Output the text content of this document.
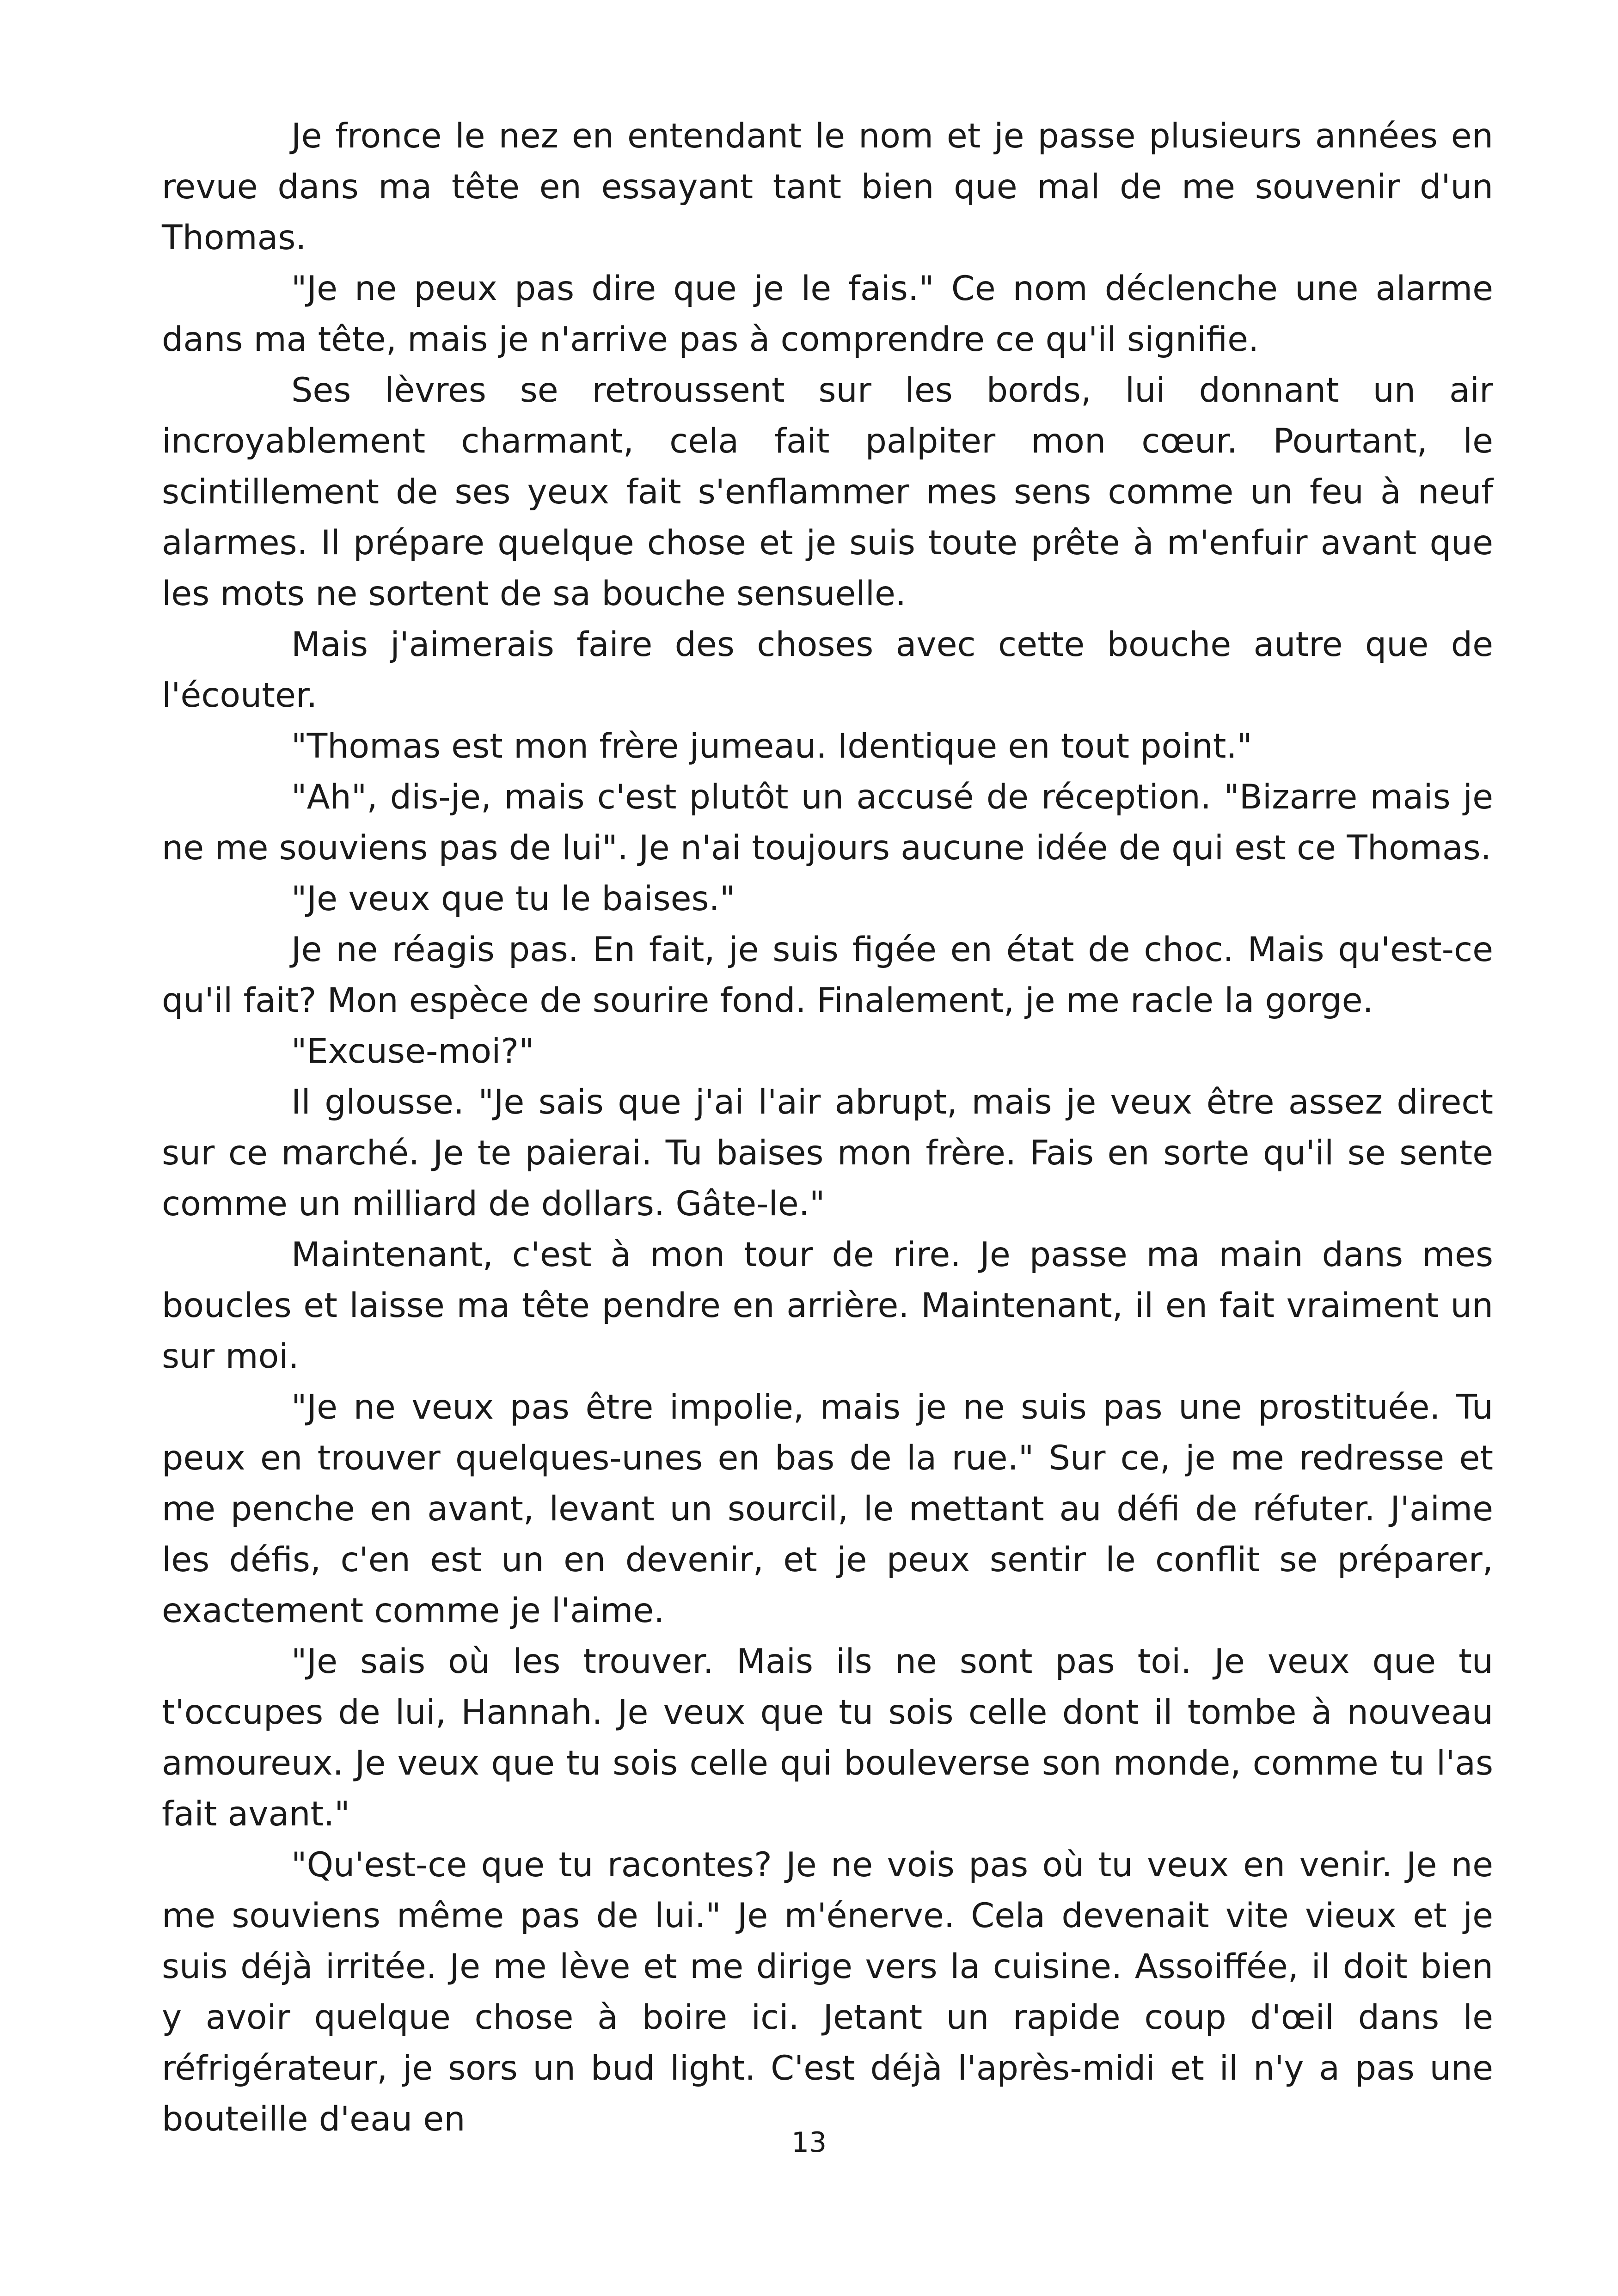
Je fronce le nez en entendant le nom et je passe plusieurs années en revue dans ma tête en essayant tant bien que mal de me souvenir d'un Thomas.

"Je ne peux pas dire que je le fais." Ce nom déclenche une alarme dans ma tête, mais je n'arrive pas à comprendre ce qu'il signifie.

Ses lèvres se retroussent sur les bords, lui donnant un air incroyablement charmant, cela fait palpiter mon cœur. Pourtant, le scintillement de ses yeux fait s'enflammer mes sens comme un feu à neuf alarmes. Il prépare quelque chose et je suis toute prête à m'enfuir avant que les mots ne sortent de sa bouche sensuelle.

Mais j'aimerais faire des choses avec cette bouche autre que de l'écouter.

"Thomas est mon frère jumeau. Identique en tout point."

"Ah", dis-je, mais c'est plutôt un accusé de réception. "Bizarre mais je ne me souviens pas de lui". Je n'ai toujours aucune idée de qui est ce Thomas.

"Je veux que tu le baises."

Je ne réagis pas. En fait, je suis figée en état de choc. Mais qu'est-ce qu'il fait? Mon espèce de sourire fond. Finalement, je me racle la gorge.

"Excuse-moi?"

Il glousse. "Je sais que j'ai l'air abrupt, mais je veux être assez direct sur ce marché. Je te paierai. Tu baises mon frère. Fais en sorte qu'il se sente comme un milliard de dollars. Gâte-le."

Maintenant, c'est à mon tour de rire. Je passe ma main dans mes boucles et laisse ma tête pendre en arrière. Maintenant, il en fait vraiment un sur moi.

"Je ne veux pas être impolie, mais je ne suis pas une prostituée. Tu peux en trouver quelques-unes en bas de la rue." Sur ce, je me redresse et me penche en avant, levant un sourcil, le mettant au défi de réfuter. J'aime les défis, c'en est un en devenir, et je peux sentir le conflit se préparer, exactement comme je l'aime.

"Je sais où les trouver. Mais ils ne sont pas toi. Je veux que tu t'occupes de lui, Hannah. Je veux que tu sois celle dont il tombe à nouveau amoureux. Je veux que tu sois celle qui bouleverse son monde, comme tu l'as fait avant."

"Qu'est-ce que tu racontes? Je ne vois pas où tu veux en venir. Je ne me souviens même pas de lui." Je m'énerve. Cela devenait vite vieux et je suis déjà irritée. Je me lève et me dirige vers la cuisine. Assoiffée, il doit bien y avoir quelque chose à boire ici. Jetant un rapide coup d'œil dans le réfrigérateur, je sors un bud light. C'est déjà l'après-midi et il n'y a pas une bouteille d'eau en

13
